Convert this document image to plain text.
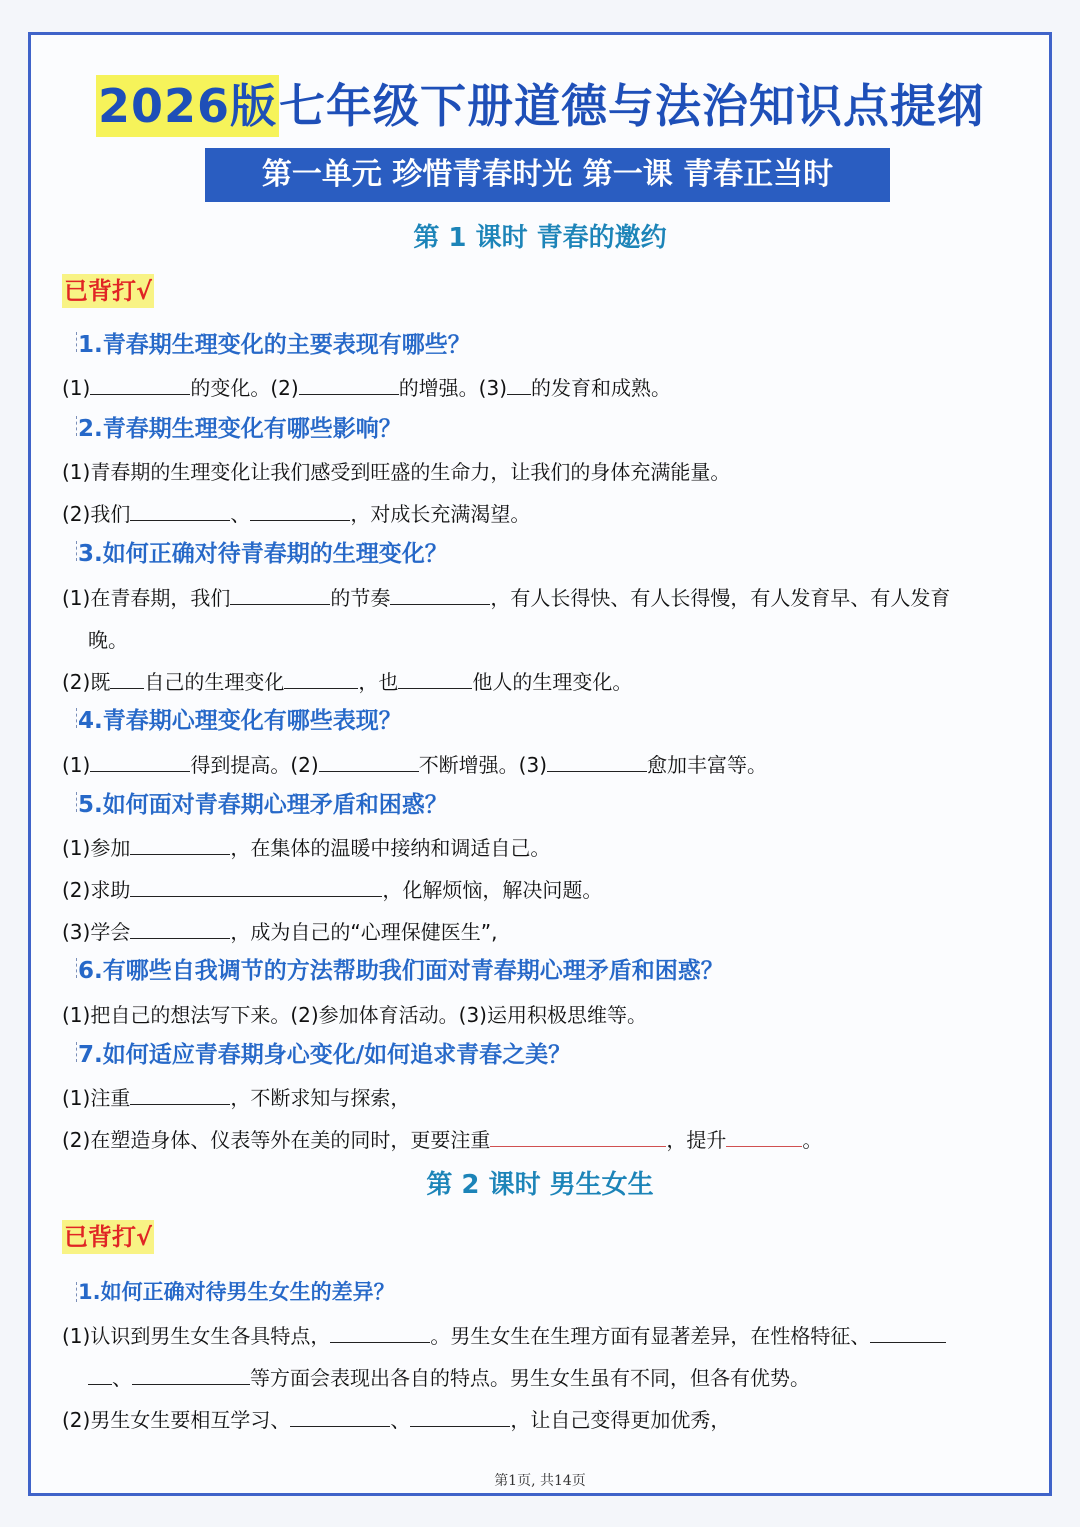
2026版七年级下册道德与法治知识点提纲
第一单元 珍惜青春时光 第一课 青春正当时
第 1 课时 青春的邀约
已背打√
1.青春期生理变化的主要表现有哪些？
(1)	的变化。(2)	的增强。(3) 的发育和成熟。
2.青春期生理变化有哪些影响？
(1)青春期的生理变化让我们感受到旺盛的生命力，让我们的身体充满能量。
(2)我们	、	，对成长充满渴望。
3.如何正确对待青春期的生理变化？
(1)在青春期，我们	的节奏	，有人长得快、有人长得慢，有人发育早、有人发育
晚。
(2)既 自己的生理变化	，也	他人的生理变化。
4.青春期心理变化有哪些表现？
(1)	得到提高。(2)	不断增强。(3)	愈加丰富等。
5.如何面对青春期心理矛盾和困惑？
(1)参加	，在集体的温暖中接纳和调适自己。
(2)求助	，化解烦恼，解决问题。
(3)学会	，成为自己的“心理保健医生”,
6.有哪些自我调节的方法帮助我们面对青春期心理矛盾和困惑？
(1)把自己的想法写下来。(2)参加体育活动。(3)运用积极思维等。
7.如何适应青春期身心变化/如何追求青春之美？
(1)注重	，不断求知与探索，
(2)在塑造身体、仪表等外在美的同时，更要注重	，提升	。
第 2 课时 男生女生
已背打√
1.如何正确对待男生女生的差异？
(1)认识到男生女生各具特点，	。男生女生在生理方面有显著差异，在性格特征、
、	等方面会表现出各自的特点。男生女生虽有不同，但各有优势。
(2)男生女生要相互学习、	、	，让自己变得更加优秀，
第1页, 共14页
